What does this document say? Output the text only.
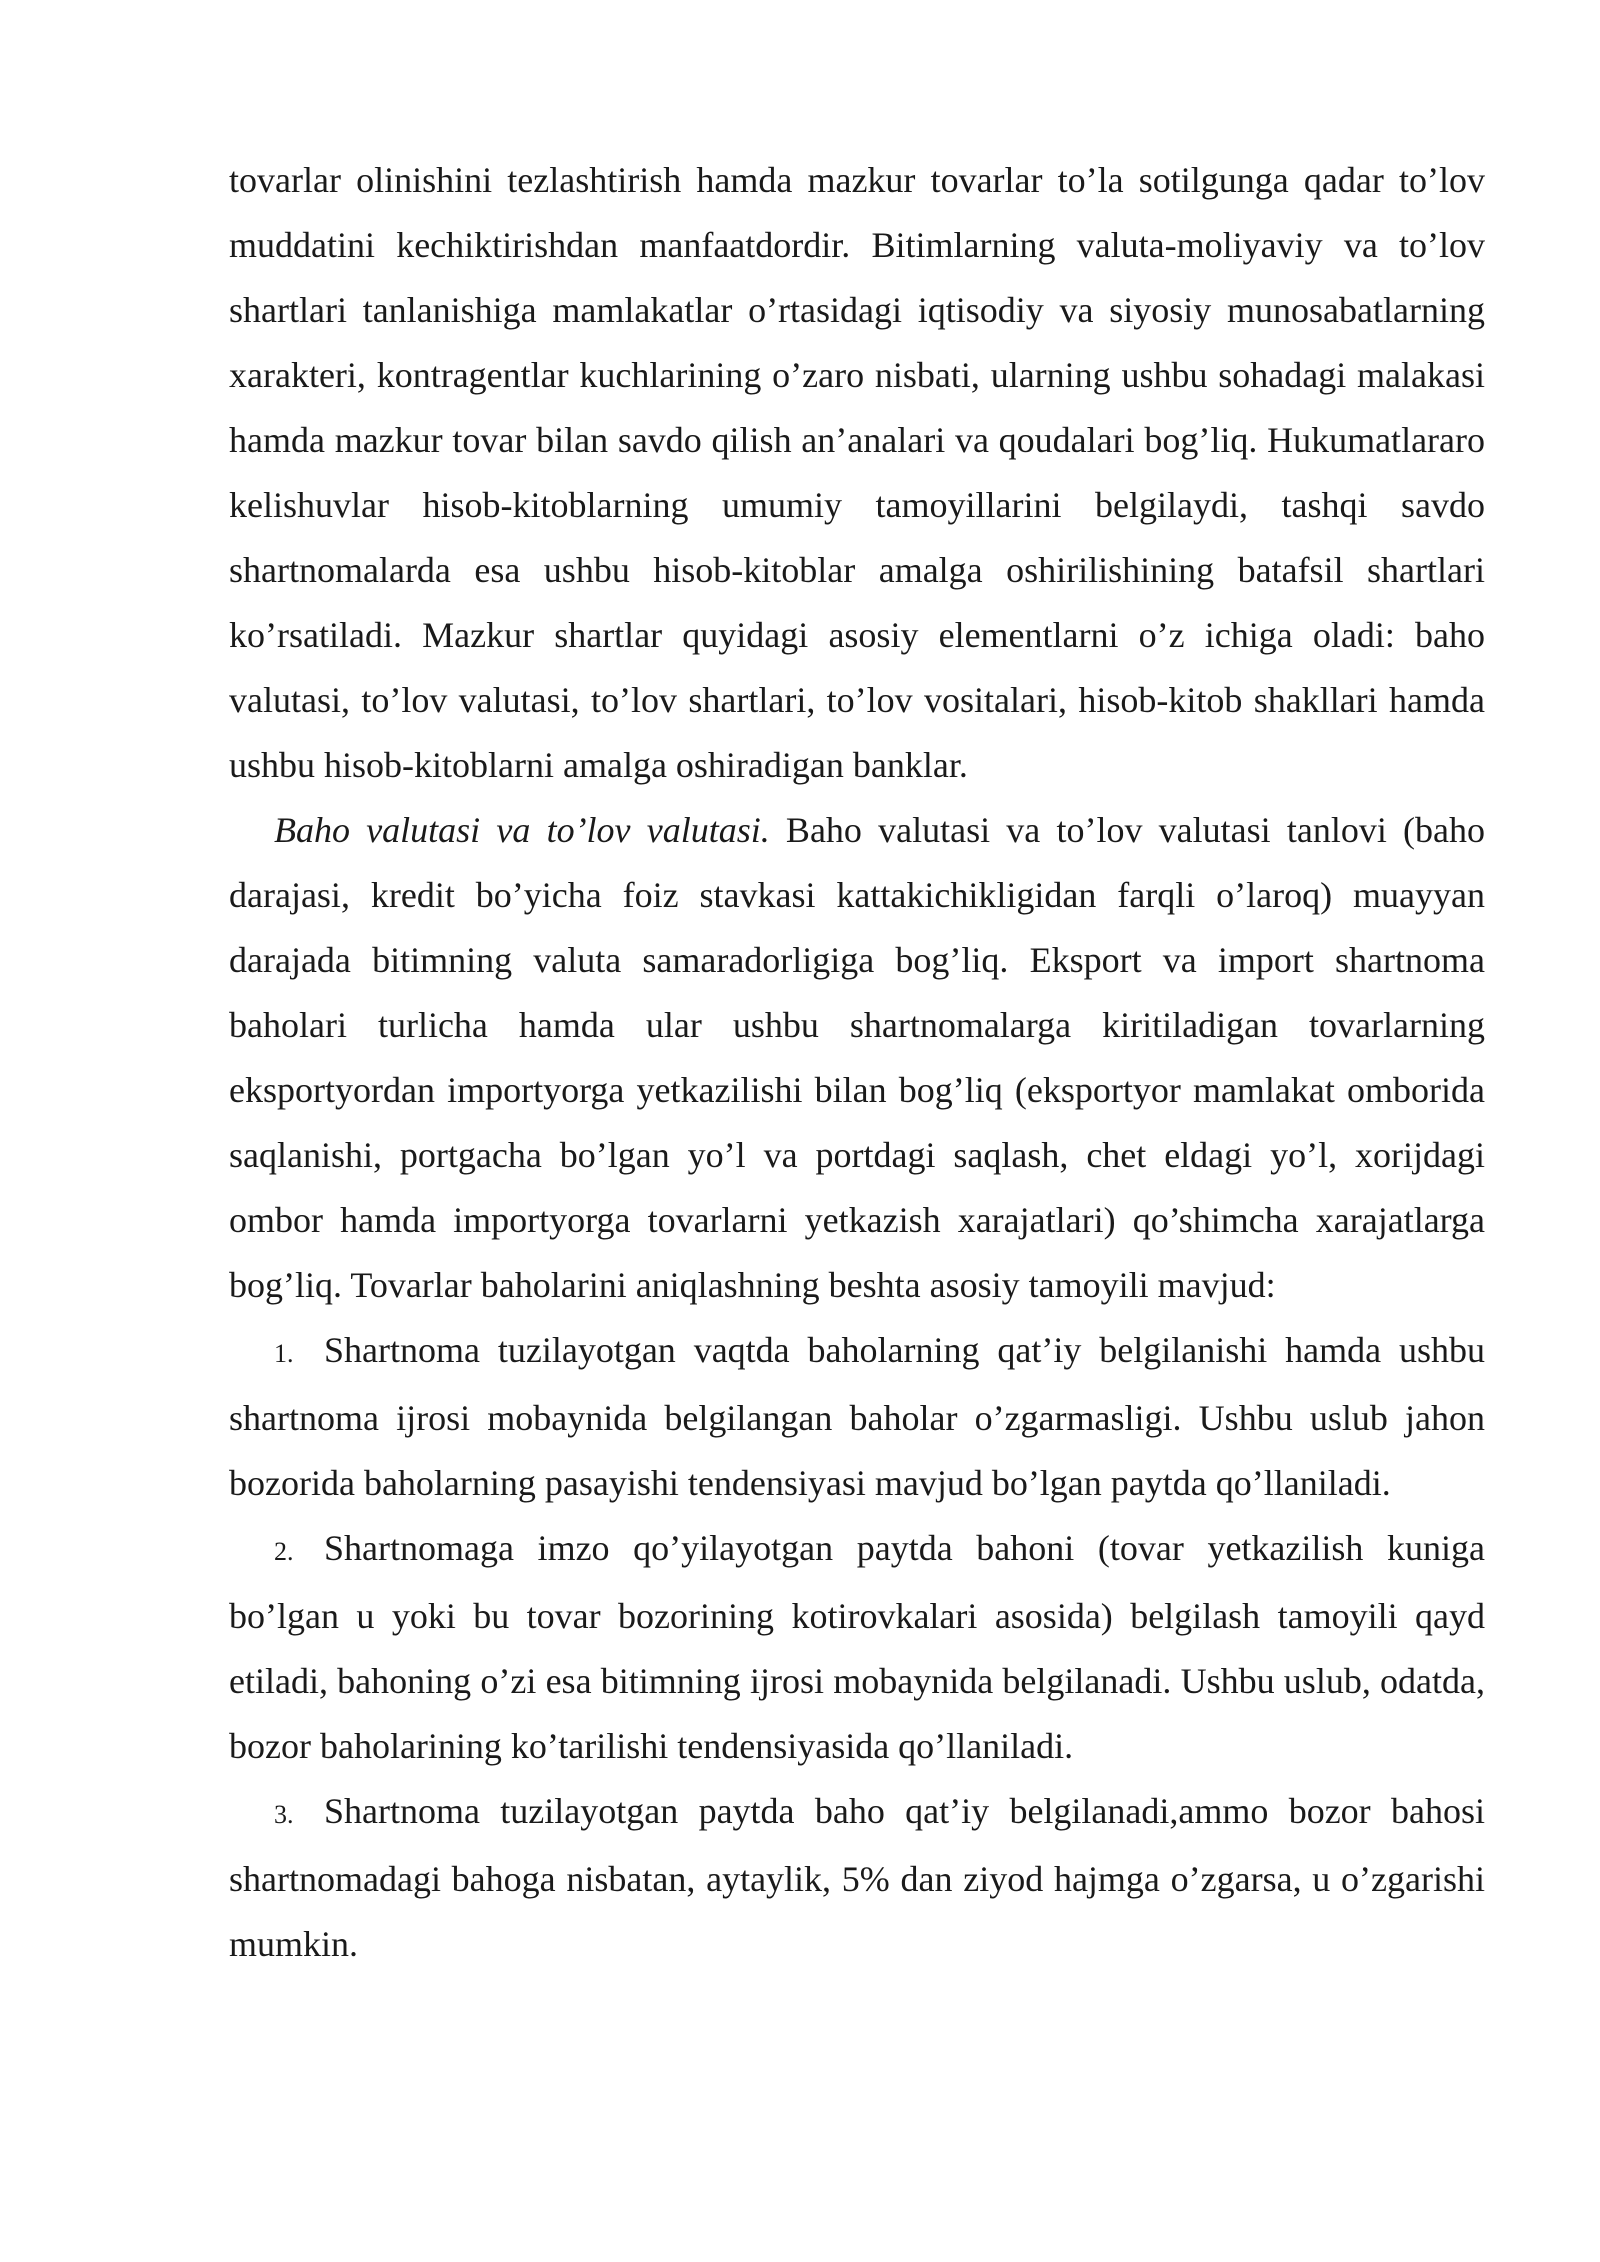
tovarlar olinishini tezlashtirish hamda mazkur tovarlar to’la sotilgunga qadar to’lov muddatini kechiktirishdan manfaatdordir. Bitimlarning valuta-moliyaviy va to’lov shartlari tanlanishiga mamlakatlar o’rtasidagi iqtisodiy va siyosiy munosabatlarning xarakteri, kontragentlar kuchlarining o’zaro nisbati, ularning ushbu sohadagi malakasi hamda mazkur tovar bilan savdo qilish an’analari va qoudalari bog’liq. Hukumatlararo kelishuvlar hisob-kitoblarning umumiy tamoyillarini belgilaydi, tashqi savdo shartnomalarda esa ushbu hisob-kitoblar amalga oshirilishining batafsil shartlari ko’rsatiladi. Mazkur shartlar quyidagi asosiy elementlarni o’z ichiga oladi: baho valutasi, to’lov valutasi, to’lov shartlari, to’lov vositalari, hisob-kitob shakllari hamda ushbu hisob-kitoblarni amalga oshiradigan banklar.

Baho valutasi va to’lov valutasi. Baho valutasi va to’lov valutasi tanlovi (baho darajasi, kredit bo’yicha foiz stavkasi kattakichikligidan farqli o’laroq) muayyan darajada bitimning valuta samaradorligiga bog’liq. Eksport va import shartnoma baholari turlicha hamda ular ushbu shartnomalarga kiritiladigan tovarlarning eksportyordan importyorga yetkazilishi bilan bog’liq (eksportyor mamlakat omborida saqlanishi, portgacha bo’lgan yo’l va portdagi saqlash, chet eldagi yo’l, xorijdagi ombor hamda importyorga tovarlarni yetkazish xarajatlari) qo’shimcha xarajatlarga bog’liq. Tovarlar baholarini aniqlashning beshta asosiy tamoyili mavjud:

1. Shartnoma tuzilayotgan vaqtda baholarning qat’iy belgilanishi hamda ushbu shartnoma ijrosi mobaynida belgilangan baholar o’zgarmasligi. Ushbu uslub jahon bozorida baholarning pasayishi tendensiyasi mavjud bo’lgan paytda qo’llaniladi.

2. Shartnomaga imzo qo’yilayotgan paytda bahoni (tovar yetkazilish kuniga bo’lgan u yoki bu tovar bozorining kotirovkalari asosida) belgilash tamoyili qayd etiladi, bahoning o’zi esa bitimning ijrosi mobaynida belgilanadi. Ushbu uslub, odatda, bozor baholarining ko’tarilishi tendensiyasida qo’llaniladi.

3. Shartnoma tuzilayotgan paytda baho qat’iy belgilanadi,ammo bozor bahosi shartnomadagi bahoga nisbatan, aytaylik, 5% dan ziyod hajmga o’zgarsa, u o’zgarishi mumkin.
